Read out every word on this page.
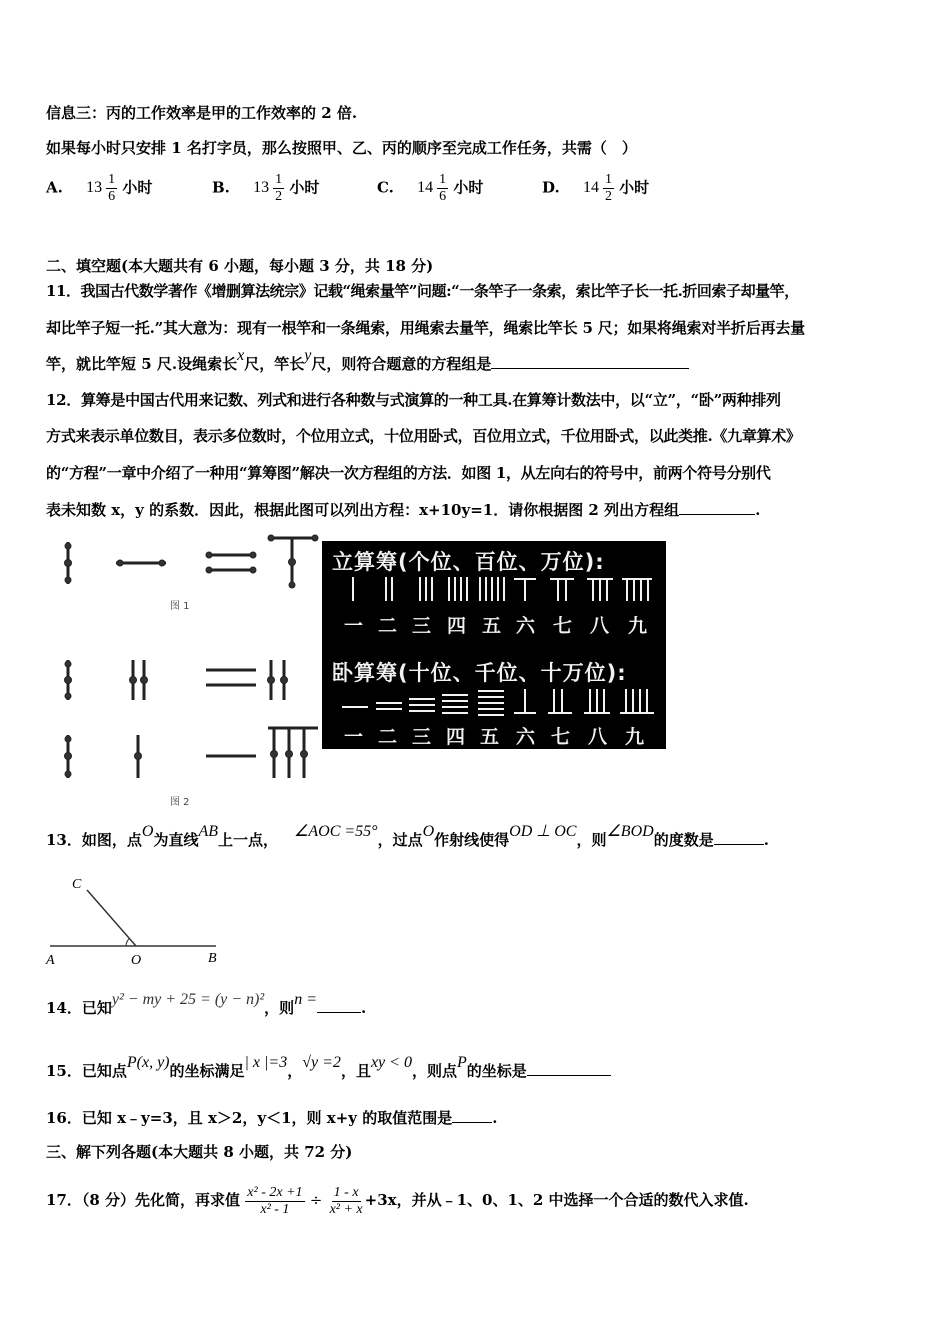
信息三：丙的工作效率是甲的工作效率的 2 倍.
如果每小时只安排 1 名打字员，那么按照甲、乙、丙的顺序至完成工作任务，共需（　）
A. $13 \frac{1}{6}$ 小时	B. $13 \frac{1}{2}$ 小时	C. $14 \frac{1}{6}$ 小时	D. $14 \frac{1}{2}$ 小时
二、填空题(本大题共有 6 小题，每小题 3 分，共 18 分)
11．我国古代数学著作《增删算法统宗》记载“绳索量竿”问题:“一条竿子一条索，索比竿子长一托.折回索子却量竿，
却比竿子短一托.”其大意为：现有一根竿和一条绳索，用绳索去量竿，绳索比竿长 5 尺；如果将绳索对半折后再去量
竿，就比竿短 5 尺.设绳索长x尺，竿长y尺，则符合题意的方程组是
12．算筹是中国古代用来记数、列式和进行各种数与式演算的一种工具.在算筹计数法中，以“立”，“卧”两种排列
方式来表示单位数目，表示多位数时，个位用立式，十位用卧式，百位用立式，千位用卧式，以此类推.《九章算术》
的“方程”一章中介绍了一种用“算筹图”解决一次方程组的方法．如图 1，从左向右的符号中，前两个符号分别代
表未知数 x，y 的系数．因此，根据此图可以列出方程：x+10y=1．请你根据图 2 列出方程组	.
图 1
图 2
立算筹(个位、百位、万位):
一 二 三 四 五 六 七 八 九
卧算筹(十位、千位、十万位):
一 二 三 四 五 六 七 八 九
13．如图，点O为直线AB上一点， ∠AOC =55°，过点O作射线使得OD ⊥ OC，则∠BOD的度数是	.
C
A	O	B
14．已知y² − my + 25 = (y − n)²，则n =	.
15．已知点P(x, y)的坐标满足| x |=3，√y =2，且xy < 0，则点P的坐标是
16．已知 x﹣y=3，且 x＞2，y＜1，则 x+y 的取值范围是	.
三、解下列各题(本大题共 8 小题，共 72 分)
17．（8 分）先化简，再求值 $\frac{\text{x² - 2x +1}}{\text{x² - 1}} \div \frac{1 - x}{\text{x² + x}} +3x$，并从﹣1、0、1、2 中选择一个合适的数代入求值.
